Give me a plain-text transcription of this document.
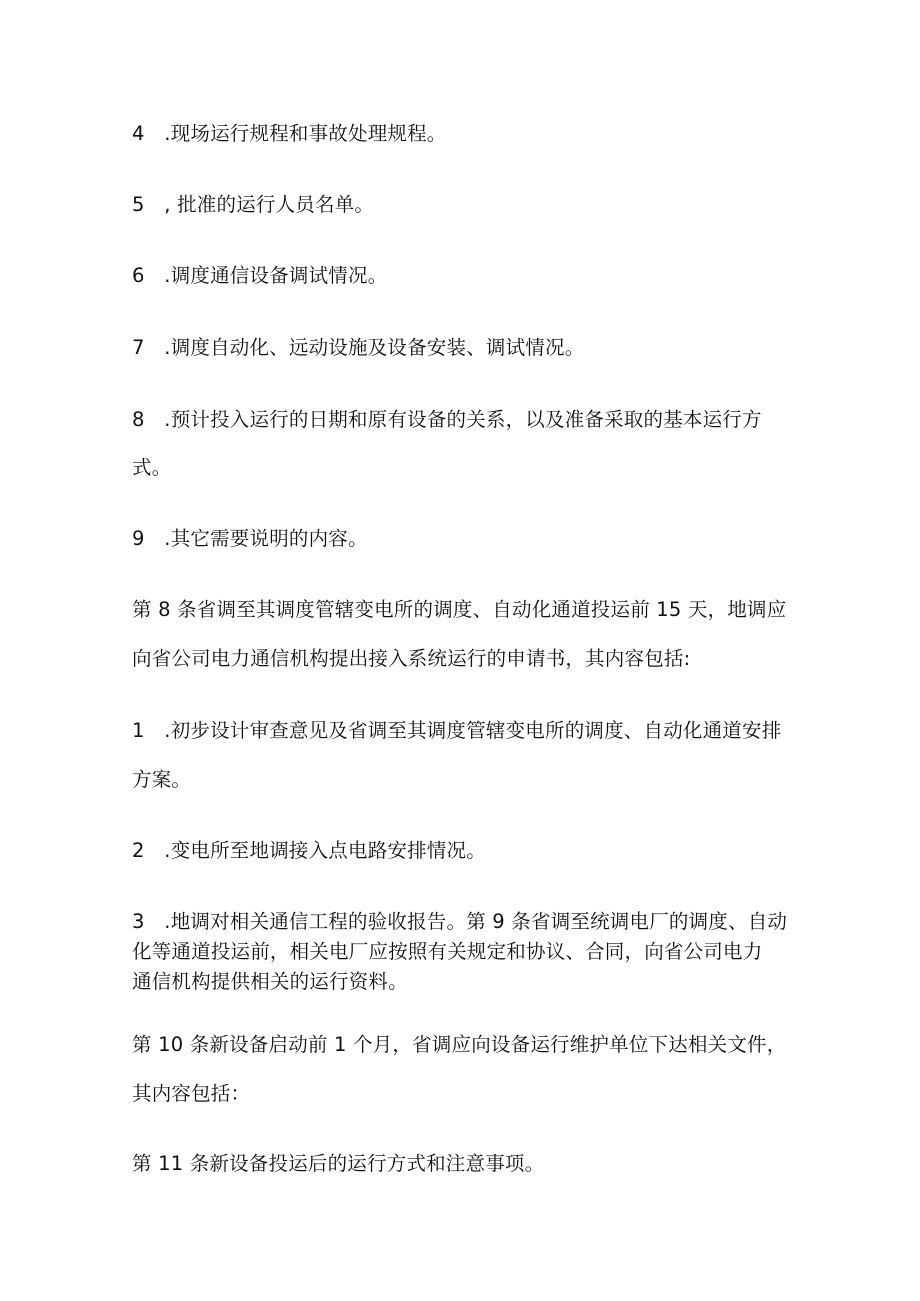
4　.现场运行规程和事故处理规程。
5　, 批准的运行人员名单。
6　.调度通信设备调试情况。
7　.调度自动化、远动设施及设备安装、调试情况。
8　.预计投入运行的日期和原有设备的关系，以及准备采取的基本运行方
式。
9　.其它需要说明的内容。
第 8 条省调至其调度管辖变电所的调度、自动化通道投运前 15 天，地调应
向省公司电力通信机构提出接入系统运行的申请书，其内容包括:
1　.初步设计审查意见及省调至其调度管辖变电所的调度、自动化通道安排
方案。
2　.变电所至地调接入点电路安排情况。
3　.地调对相关通信工程的验收报告。第 9 条省调至统调电厂的调度、自动
化等通道投运前，相关电厂应按照有关规定和协议、合同，向省公司电力
通信机构提供相关的运行资料。
第 10 条新设备启动前 1 个月，省调应向设备运行维护单位下达相关文件，
其内容包括：
第 11 条新设备投运后的运行方式和注意事项。
